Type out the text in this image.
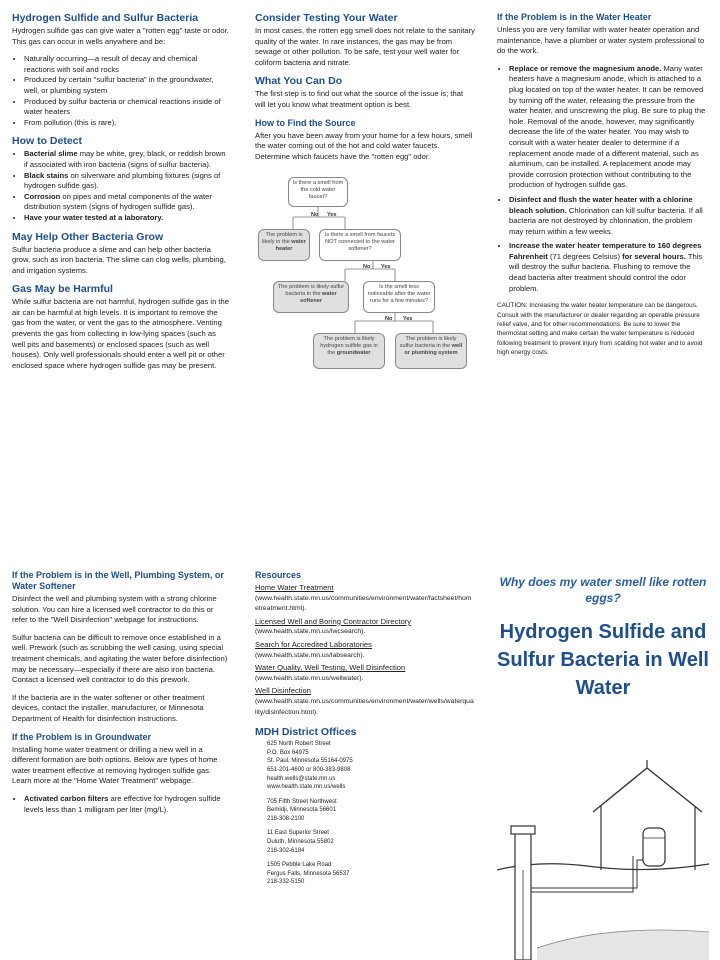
Hydrogen Sulfide and Sulfur Bacteria

Hydrogen sulfide gas can give water a "rotten egg" taste or odor. This gas can occur in wells anywhere and be:

• Naturally occurring—a result of decay and chemical reactions with soil and rocks
• Produced by certain "sulfur bacteria" in the groundwater, well, or plumbing system
• Produced by sulfur bacteria or chemical reactions inside of water heaters
• From pollution (this is rare).
How to Detect
• Bacterial slime may be white, grey, black, or reddish brown if associated with iron bacteria (signs of sulfur bacteria).
• Black stains on silverware and plumbing fixtures (signs of hydrogen sulfide gas).
• Corrosion on pipes and metal components of the water distribution system (signs of hydrogen sulfide gas).
• Have your water tested at a laboratory.
May Help Other Bacteria Grow

Sulfur bacteria produce a slime and can help other bacteria grow, such as iron bacteria. The slime can clog wells, plumbing, and irrigation systems.

Gas May be Harmful

While sulfur bacteria are not harmful, hydrogen sulfide gas in the air can be harmful at high levels. It is important to remove the gas from the water, or vent the gas to the atmosphere. Venting prevents the gas from collecting in low-lying spaces (such as well pits and basements) or enclosed spaces (such as well houses). Only well professionals should enter a well pit or other enclosed space where hydrogen sulfide gas may be present.

Consider Testing Your Water

In most cases, the rotten egg smell does not relate to the sanitary quality of the water. In rare instances, the gas may be from sewage or other pollution. To be safe, test your well water for coliform bacteria and nitrate.

What You Can Do

The first step is to find out what the source of the issue is; that will let you know what treatment option is best.

How to Find the Source

After you have been away from your home for a few hours, smell the water coming out of the hot and cold water faucets. Determine which faucets have the "rotten egg" odor.

Is there a smell from the cold water faucet?
No Yes
The problem is likely in the water heater
Is there a smell from faucets NOT connected to the water softener?
No Yes
The problem is likely sulfur bacteria in the water softener
Is the smell less noticeable after the water runs for a few minutes?
No Yes
The problem is likely hydrogen sulfide gas in the groundwater
The problem is likely sulfur bacteria in the well or plumbing system
If the Problem is in the Water Heater

Unless you are very familiar with water heater operation and maintenance, have a plumber or water system professional to do the work.

• Replace or remove the magnesium anode. Many water heaters have a magnesium anode, which is attached to a plug located on top of the water heater. It can be removed by turning off the water, releasing the pressure from the water heater, and unscrewing the plug. Be sure to plug the hole. Removal of the anode, however, may significantly decrease the life of the water heater. You may wish to consult with a water heater dealer to determine if a replacement anode made of a different material, such as aluminum, can be installed. A replacement anode may provide corrosion protection without contributing to the production of hydrogen sulfide gas.
• Disinfect and flush the water heater with a chlorine bleach solution. Chlorination can kill sulfur bacteria. If all bacteria are not destroyed by chlorination, the problem may return within a few weeks.
• Increase the water heater temperature to 160 degrees Fahrenheit (71 degrees Celsius) for several hours. This will destroy the sulfur bacteria. Flushing to remove the dead bacteria after treatment should control the odor problem.

CAUTION: Increasing the water heater temperature can be dangerous. Consult with the manufacturer or dealer regarding an operable pressure relief valve, and for other recommendations. Be sure to lower the thermostat setting and make certain the water temperature is reduced following treatment to prevent injury from scalding hot water and to avoid high energy costs.

If the Problem is in the Well, Plumbing System, or Water Softener

Disinfect the well and plumbing system with a strong chlorine solution. You can hire a licensed well contractor to do this or refer to the "Well Disinfection" webpage for instructions.

Sulfur bacteria can be difficult to remove once established in a well. Prework (such as scrubbing the well casing, using special treatment chemicals, and agitating the water before disinfection) may be necessary—especially if there are also iron bacteria. Contact a licensed well contractor to do this prework.

If the bacteria are in the water softener or other treatment devices, contact the installer, manufacturer, or Minnesota Department of Health for disinfection instructions.

If the Problem is in Groundwater

Installing home water treatment or drilling a new well in a different formation are both options. Below are types of home water treatment effective at removing hydrogen sulfide gas. Learn more at the "Home Water Treatment" webpage.

• Activated carbon filters are effective for hydrogen sulfide levels less than 1 milligram per liter (mg/L).
Resources
Home Water Treatment
(www.health.state.mn.us/communities/environment/water/factsheet/hometreatment.html).
Licensed Well and Boring Contractor Directory
(www.health.state.mn.us/lwcsearch).
Search for Accredited Laboratories
(www.health.state.mn.us/labsearch).
Water Quality, Well Testing, Well Disinfection
(www.health.state.mn.us/wellwater).
Well Disinfection
(www.health.state.mn.us/communities/environment/water/wells/waterquality/disinfection.html).
MDH District Offices
625 North Robert Street
P.O. Box 64975
St. Paul, Minnesota 55164-0975
651-201-4600 or 800-383-9808
health.wells@state.mn.us
www.health.state.mn.us/wells
705 Fifth Street Northwest
Bemidji, Minnesota 56601
218-308-2100
11 East Superior Street
Duluth, Minnesota 55802
218-302-6184
1505 Pebble Lake Road
Fergus Falls, Minnesota 56537
218-332-5150
Why does my water smell like rotten eggs?
Hydrogen Sulfide and Sulfur Bacteria in Well Water
